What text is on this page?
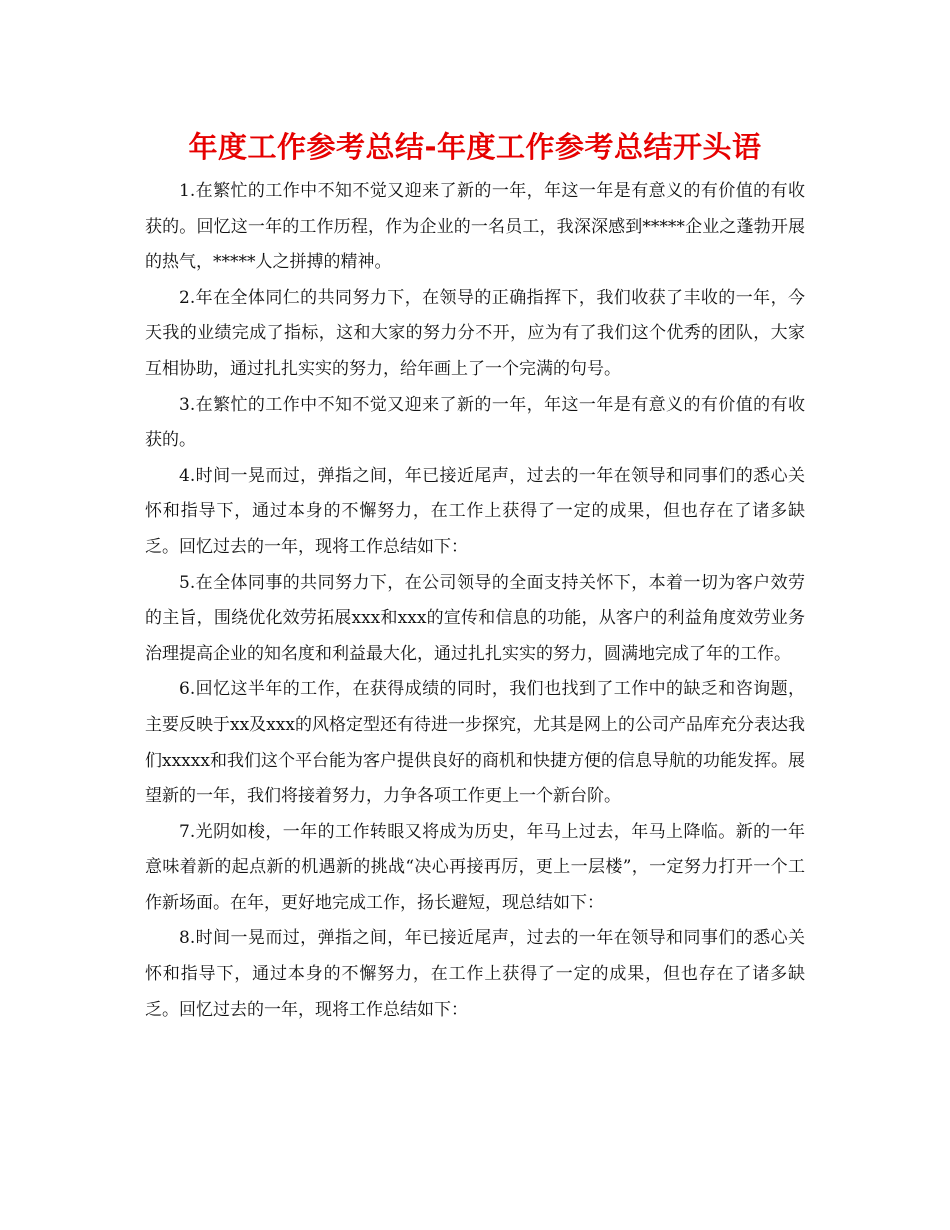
年度工作参考总结-年度工作参考总结开头语

1.在繁忙的工作中不知不觉又迎来了新的一年，年这一年是有意义的有价值的有收获的。回忆这一年的工作历程，作为企业的一名员工，我深深感到*****企业之蓬勃开展的热气，*****人之拼搏的精神。

2.年在全体同仁的共同努力下，在领导的正确指挥下，我们收获了丰收的一年，今天我的业绩完成了指标，这和大家的努力分不开，应为有了我们这个优秀的团队，大家互相协助，通过扎扎实实的努力，给年画上了一个完满的句号。

3.在繁忙的工作中不知不觉又迎来了新的一年，年这一年是有意义的有价值的有收获的。

4.时间一晃而过，弹指之间，年已接近尾声，过去的一年在领导和同事们的悉心关怀和指导下，通过本身的不懈努力，在工作上获得了一定的成果，但也存在了诸多缺乏。回忆过去的一年，现将工作总结如下：

5.在全体同事的共同努力下，在公司领导的全面支持关怀下，本着一切为客户效劳的主旨，围绕优化效劳拓展xxx和xxx的宣传和信息的功能，从客户的利益角度效劳业务治理提高企业的知名度和利益最大化，通过扎扎实实的努力，圆满地完成了年的工作。

6.回忆这半年的工作，在获得成绩的同时，我们也找到了工作中的缺乏和咨询题，主要反映于xx及xxx的风格定型还有待进一步探究，尤其是网上的公司产品库充分表达我们xxxxx和我们这个平台能为客户提供良好的商机和快捷方便的信息导航的功能发挥。展望新的一年，我们将接着努力，力争各项工作更上一个新台阶。

7.光阴如梭，一年的工作转眼又将成为历史，年马上过去，年马上降临。新的一年意味着新的起点新的机遇新的挑战“决心再接再厉，更上一层楼”，一定努力打开一个工作新场面。在年，更好地完成工作，扬长避短，现总结如下：

8.时间一晃而过，弹指之间，年已接近尾声，过去的一年在领导和同事们的悉心关怀和指导下，通过本身的不懈努力，在工作上获得了一定的成果，但也存在了诸多缺乏。回忆过去的一年，现将工作总结如下：
